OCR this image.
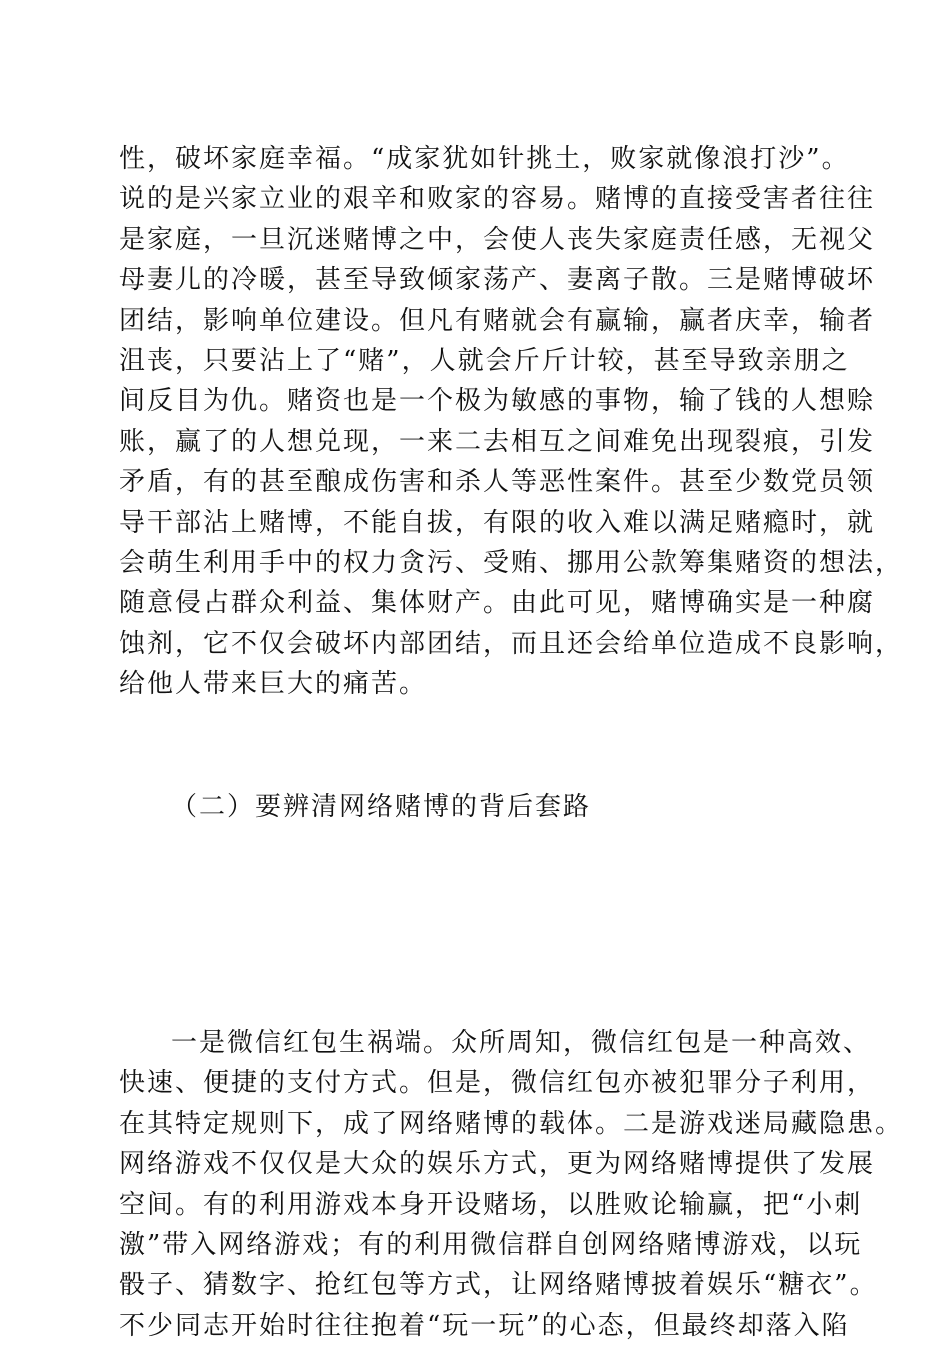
性，破坏家庭幸福。“成家犹如针挑土，败家就像浪打沙”。
说的是兴家立业的艰辛和败家的容易。赌博的直接受害者往往
是家庭，一旦沉迷赌博之中，会使人丧失家庭责任感，无视父
母妻儿的冷暖，甚至导致倾家荡产、妻离子散。三是赌博破坏
团结，影响单位建设。但凡有赌就会有赢输，赢者庆幸，输者
沮丧，只要沾上了“赌”，人就会斤斤计较，甚至导致亲朋之
间反目为仇。赌资也是一个极为敏感的事物，输了钱的人想赊
账，赢了的人想兑现，一来二去相互之间难免出现裂痕，引发
矛盾，有的甚至酿成伤害和杀人等恶性案件。甚至少数党员领
导干部沾上赌博，不能自拔，有限的收入难以满足赌瘾时，就
会萌生利用手中的权力贪污、受贿、挪用公款筹集赌资的想法，
随意侵占群众利益、集体财产。由此可见，赌博确实是一种腐
蚀剂，它不仅会破坏内部团结，而且还会给单位造成不良影响，
给他人带来巨大的痛苦。
（二）要辨清网络赌博的背后套路
一是微信红包生祸端。众所周知，微信红包是一种高效、
快速、便捷的支付方式。但是，微信红包亦被犯罪分子利用，
在其特定规则下，成了网络赌博的载体。二是游戏迷局藏隐患。
网络游戏不仅仅是大众的娱乐方式，更为网络赌博提供了发展
空间。有的利用游戏本身开设赌场，以胜败论输赢，把“小刺
激”带入网络游戏；有的利用微信群自创网络赌博游戏，以玩
骰子、猜数字、抢红包等方式，让网络赌博披着娱乐“糖衣”。
不少同志开始时往往抱着“玩一玩”的心态，但最终却落入陷
